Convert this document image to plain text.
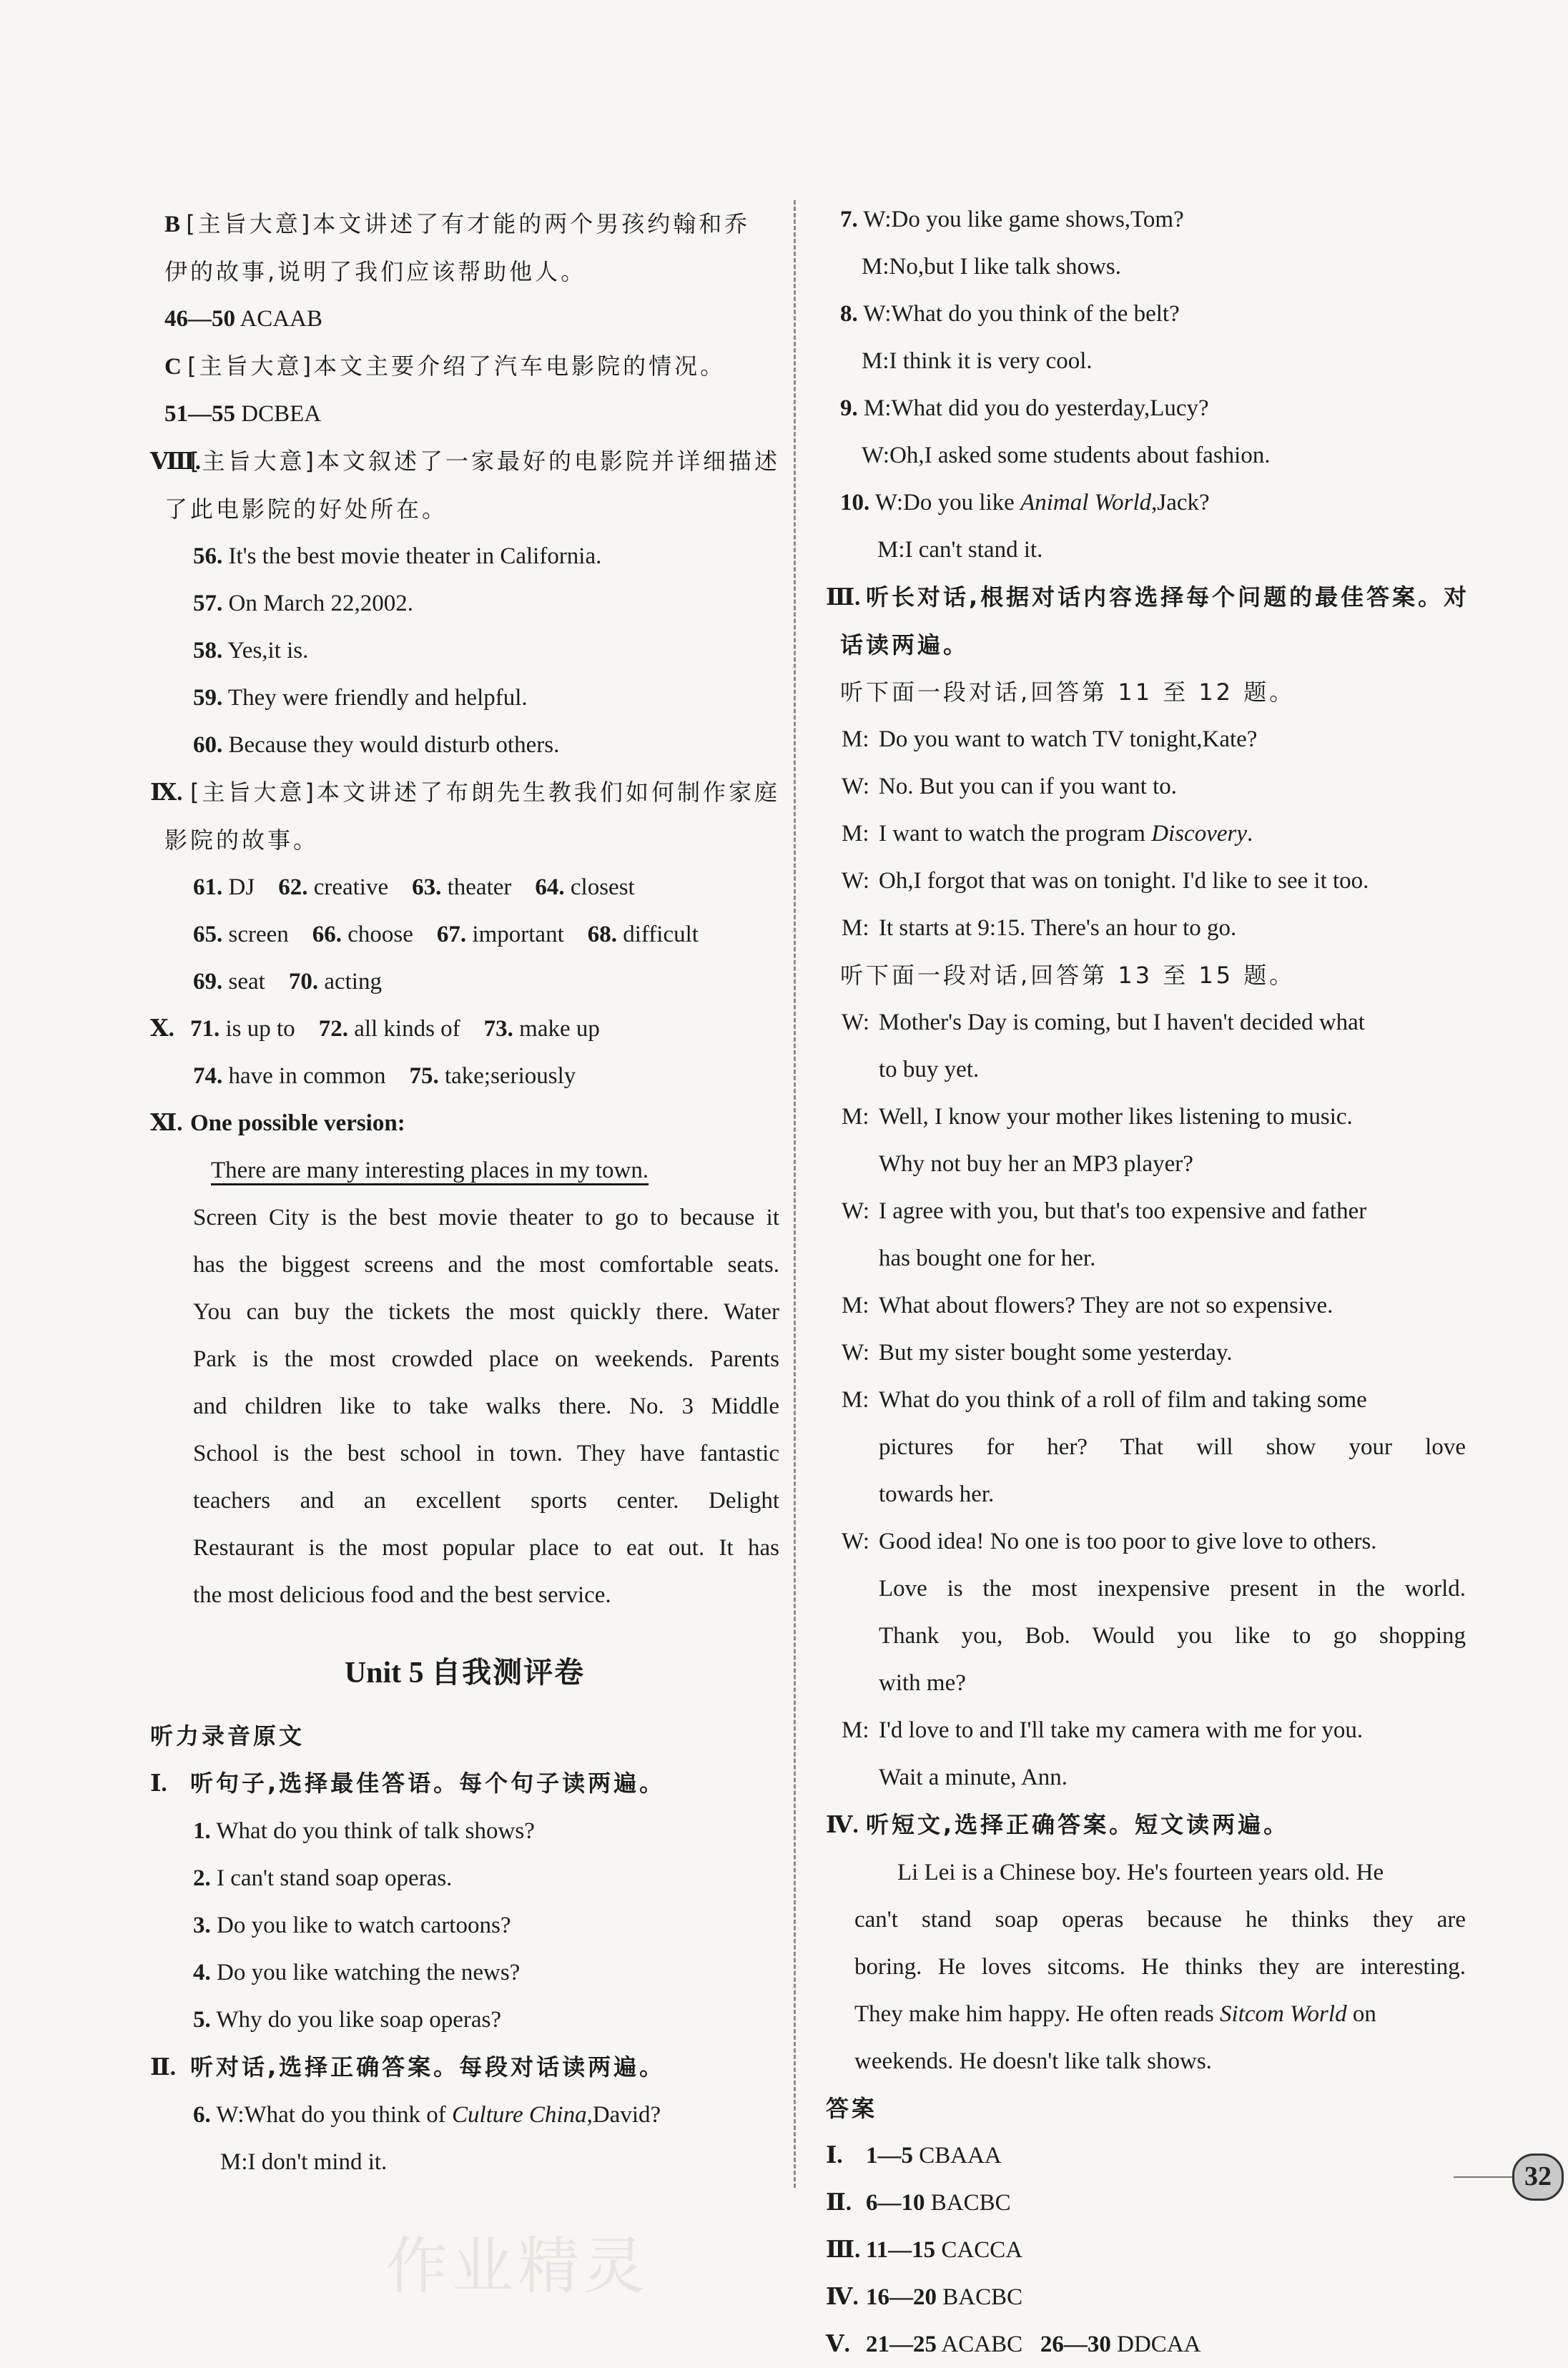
B [主旨大意]本文讲述了有才能的两个男孩约翰和乔
伊的故事,说明了我们应该帮助他人。
46—50 ACAAB
C [主旨大意]本文主要介绍了汽车电影院的情况。
51—55 DCBEA
Ⅷ.[主旨大意]本文叙述了一家最好的电影院并详细描述
了此电影院的好处所在。
56. It's the best movie theater in California.
57. On March 22,2002.
58. Yes,it is.
59. They were friendly and helpful.
60. Because they would disturb others.
Ⅸ. [主旨大意]本文讲述了布朗先生教我们如何制作家庭
影院的故事。
61. DJ 62. creative 63. theater 64. closest
65. screen 66. choose 67. important 68. difficult
69. seat 70. acting
Ⅹ. 71. is up to 72. all kinds of 73. make up
74. have in common 75. take;seriously
Ⅺ. One possible version:
There are many interesting places in my town.
Screen City is the best movie theater to go to because it
has the biggest screens and the most comfortable seats.
You can buy the tickets the most quickly there. Water
Park is the most crowded place on weekends. Parents
and children like to take walks there. No. 3 Middle
School is the best school in town. They have fantastic
teachers and an excellent sports center. Delight
Restaurant is the most popular place to eat out. It has
the most delicious food and the best service.
Unit 5 自我测评卷
听力录音原文
Ⅰ. 听句子,选择最佳答语。每个句子读两遍。
1. What do you think of talk shows?
2. I can't stand soap operas.
3. Do you like to watch cartoons?
4. Do you like watching the news?
5. Why do you like soap operas?
Ⅱ. 听对话,选择正确答案。每段对话读两遍。
6. W:What do you think of Culture China,David?
M:I don't mind it.
7. W:Do you like game shows,Tom?
M:No,but I like talk shows.
8. W:What do you think of the belt?
M:I think it is very cool.
9. M:What did you do yesterday,Lucy?
W:Oh,I asked some students about fashion.
10. W:Do you like Animal World,Jack?
M:I can't stand it.
Ⅲ. 听长对话,根据对话内容选择每个问题的最佳答案。对
话读两遍。
听下面一段对话,回答第 11 至 12 题。
M: Do you want to watch TV tonight,Kate?
W: No. But you can if you want to.
M: I want to watch the program Discovery.
W: Oh,I forgot that was on tonight. I'd like to see it too.
M: It starts at 9:15. There's an hour to go.
听下面一段对话,回答第 13 至 15 题。
W: Mother's Day is coming, but I haven't decided what
to buy yet.
M: Well, I know your mother likes listening to music.
Why not buy her an MP3 player?
W: I agree with you, but that's too expensive and father
has bought one for her.
M: What about flowers? They are not so expensive.
W: But my sister bought some yesterday.
M: What do you think of a roll of film and taking some
pictures for her? That will show your love
towards her.
W: Good idea! No one is too poor to give love to others.
Love is the most inexpensive present in the world.
Thank you, Bob. Would you like to go shopping
with me?
M: I'd love to and I'll take my camera with me for you.
Wait a minute, Ann.
Ⅳ. 听短文,选择正确答案。短文读两遍。
Li Lei is a Chinese boy. He's fourteen years old. He
can't stand soap operas because he thinks they are
boring. He loves sitcoms. He thinks they are interesting.
They make him happy. He often reads Sitcom World on
weekends. He doesn't like talk shows.
答案
Ⅰ. 1—5 CBAAA
Ⅱ. 6—10 BACBC
Ⅲ. 11—15 CACCA
Ⅳ. 16—20 BACBC
Ⅴ. 21—25 ACABC 26—30 DDCAA
32
作业精灵
